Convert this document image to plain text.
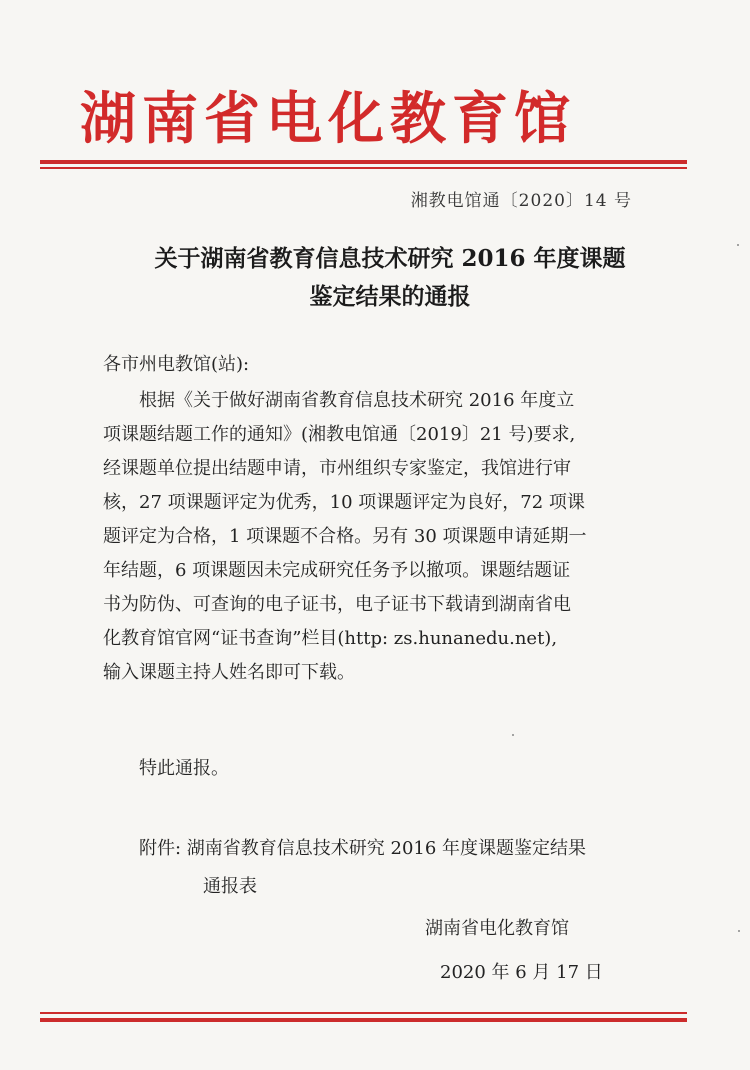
湖南省电化教育馆
湘教电馆通〔2020〕14 号
关于湖南省教育信息技术研究 2016 年度课题
鉴定结果的通报
各市州电教馆(站):
根据《关于做好湖南省教育信息技术研究 2016 年度立
项课题结题工作的通知》(湘教电馆通〔2019〕21 号)要求,
经课题单位提出结题申请，市州组织专家鉴定，我馆进行审
核，27 项课题评定为优秀，10 项课题评定为良好，72 项课
题评定为合格，1 项课题不合格。另有 30 项课题申请延期一
年结题，6 项课题因未完成研究任务予以撤项。课题结题证
书为防伪、可查询的电子证书，电子证书下载请到湖南省电
化教育馆官网“证书查询”栏目(http: zs.hunanedu.net),
输入课题主持人姓名即可下载。
特此通报。
附件: 湖南省教育信息技术研究 2016 年度课题鉴定结果
通报表
湖南省电化教育馆
2020 年 6 月 17 日
